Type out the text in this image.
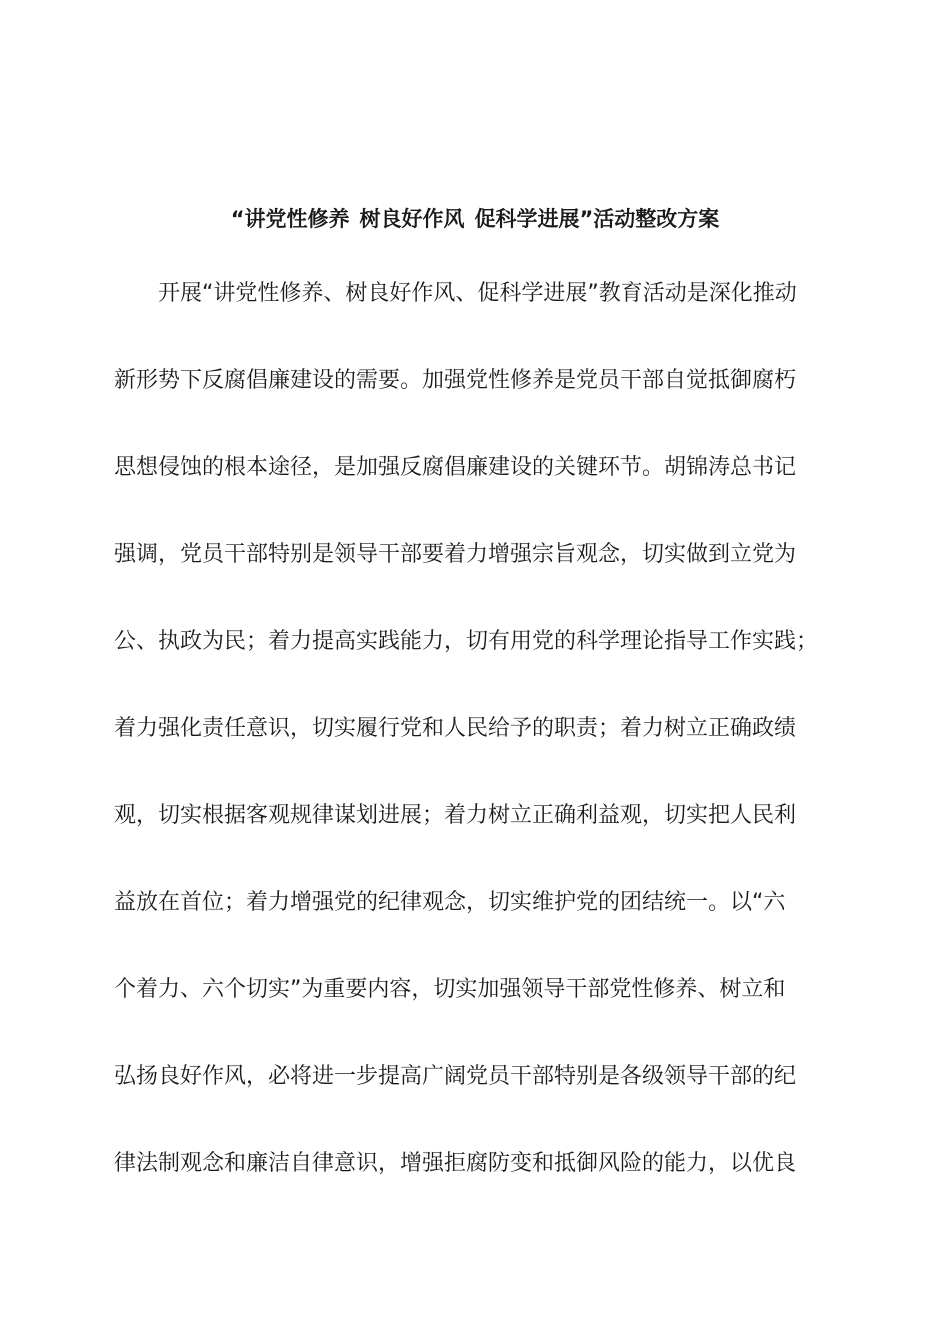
“讲党性修养 树良好作风 促科学进展”活动整改方案
开展“讲党性修养、树良好作风、促科学进展”教育活动是深化推动
新形势下反腐倡廉建设的需要。加强党性修养是党员干部自觉抵御腐朽
思想侵蚀的根本途径，是加强反腐倡廉建设的关键环节。胡锦涛总书记
强调，党员干部特别是领导干部要着力增强宗旨观念，切实做到立党为
公、执政为民；着力提高实践能力，切有用党的科学理论指导工作实践；
着力强化责任意识，切实履行党和人民给予的职责；着力树立正确政绩
观，切实根据客观规律谋划进展；着力树立正确利益观，切实把人民利
益放在首位；着力增强党的纪律观念，切实维护党的团结统一。以“六
个着力、六个切实”为重要内容，切实加强领导干部党性修养、树立和
弘扬良好作风，必将进一步提高广阔党员干部特别是各级领导干部的纪
律法制观念和廉洁自律意识，增强拒腐防变和抵御风险的能力，以优良
